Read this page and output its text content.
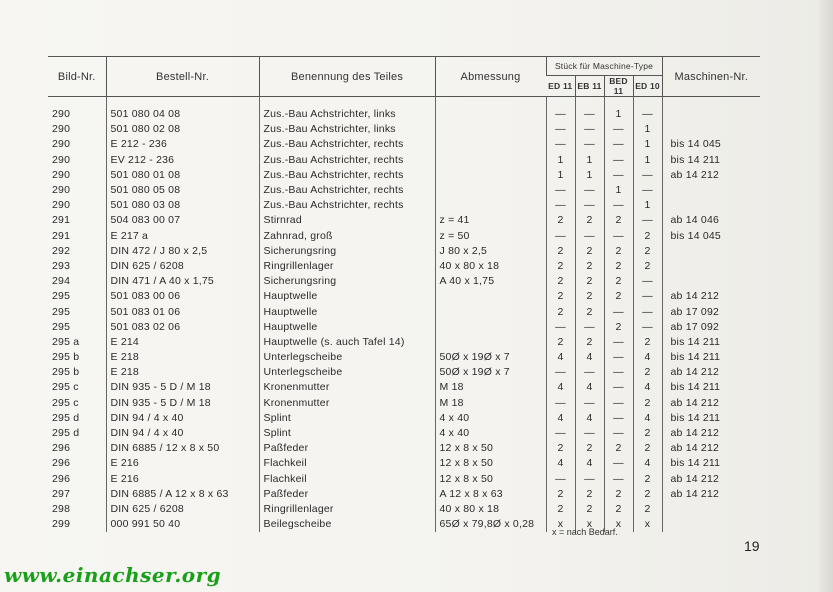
Bild-Nr.	Bestell-Nr.	Benennung des Teiles	Abmessung	Stück für Maschine-Type				Maschinen-Nr.
				ED 11	EB 11	BED 11	ED 10	

290	501 080 04 08	Zus.-Bau Achstrichter, links		—	—	1	—	
290	501 080 02 08	Zus.-Bau Achstrichter, links		—	—	—	1	
290	E 212 - 236	Zus.-Bau Achstrichter, rechts		—	—	—	1	bis 14 045
290	EV 212 - 236	Zus.-Bau Achstrichter, rechts		1	1	—	1	bis 14 211
290	501 080 01 08	Zus.-Bau Achstrichter, rechts		1	1	—	—	ab 14 212
290	501 080 05 08	Zus.-Bau Achstrichter, rechts		—	—	1	—	
290	501 080 03 08	Zus.-Bau Achstrichter, rechts		—	—	—	1	
291	504 083 00 07	Stirnrad	z = 41	2	2	2	—	ab 14 046
291	E 217 a	Zahnrad, groß	z = 50	—	—	—	2	bis 14 045
292	DIN 472 / J 80 x 2,5	Sicherungsring	J 80 x 2,5	2	2	2	2	
293	DIN 625 / 6208	Ringrillenlager	40 x 80 x 18	2	2	2	2	
294	DIN 471 / A 40 x 1,75	Sicherungsring	A 40 x 1,75	2	2	2	—	
295	501 083 00 06	Hauptwelle		2	2	2	—	ab 14 212
295	501 083 01 06	Hauptwelle		2	2	—	—	ab 17 092
295	501 083 02 06	Hauptwelle		—	—	2	—	ab 17 092
295 a	E 214	Hauptwelle (s. auch Tafel 14)		2	2	—	2	bis 14 211
295 b	E 218	Unterlegscheibe	50Ø x 19Ø x 7	4	4	—	4	bis 14 211
295 b	E 218	Unterlegscheibe	50Ø x 19Ø x 7	—	—	—	2	ab 14 212
295 c	DIN 935 - 5 D / M 18	Kronenmutter	M 18	4	4	—	4	bis 14 211
295 c	DIN 935 - 5 D / M 18	Kronenmutter	M 18	—	—	—	2	ab 14 212
295 d	DIN 94 / 4 x 40	Splint	4 x 40	4	4	—	4	bis 14 211
295 d	DIN 94 / 4 x 40	Splint	4 x 40	—	—	—	2	ab 14 212
296	DIN 6885 / 12 x 8 x 50	Paßfeder	12 x 8 x 50	2	2	2	2	ab 14 212
296	E 216	Flachkeil	12 x 8 x 50	4	4	—	4	bis 14 211
296	E 216	Flachkeil	12 x 8 x 50	—	—	—	2	ab 14 212
297	DIN 6885 / A 12 x 8 x 63	Paßfeder	A 12 x 8 x 63	2	2	2	2	ab 14 212
298	DIN 625 / 6208	Ringrillenlager	40 x 80 x 18	2	2	2	2	
299	000 991 50 40	Beilegscheibe	65Ø x 79,8Ø x 0,28	x	x	x	x	
x = nach Bedarf.
19
www.einachser.org
